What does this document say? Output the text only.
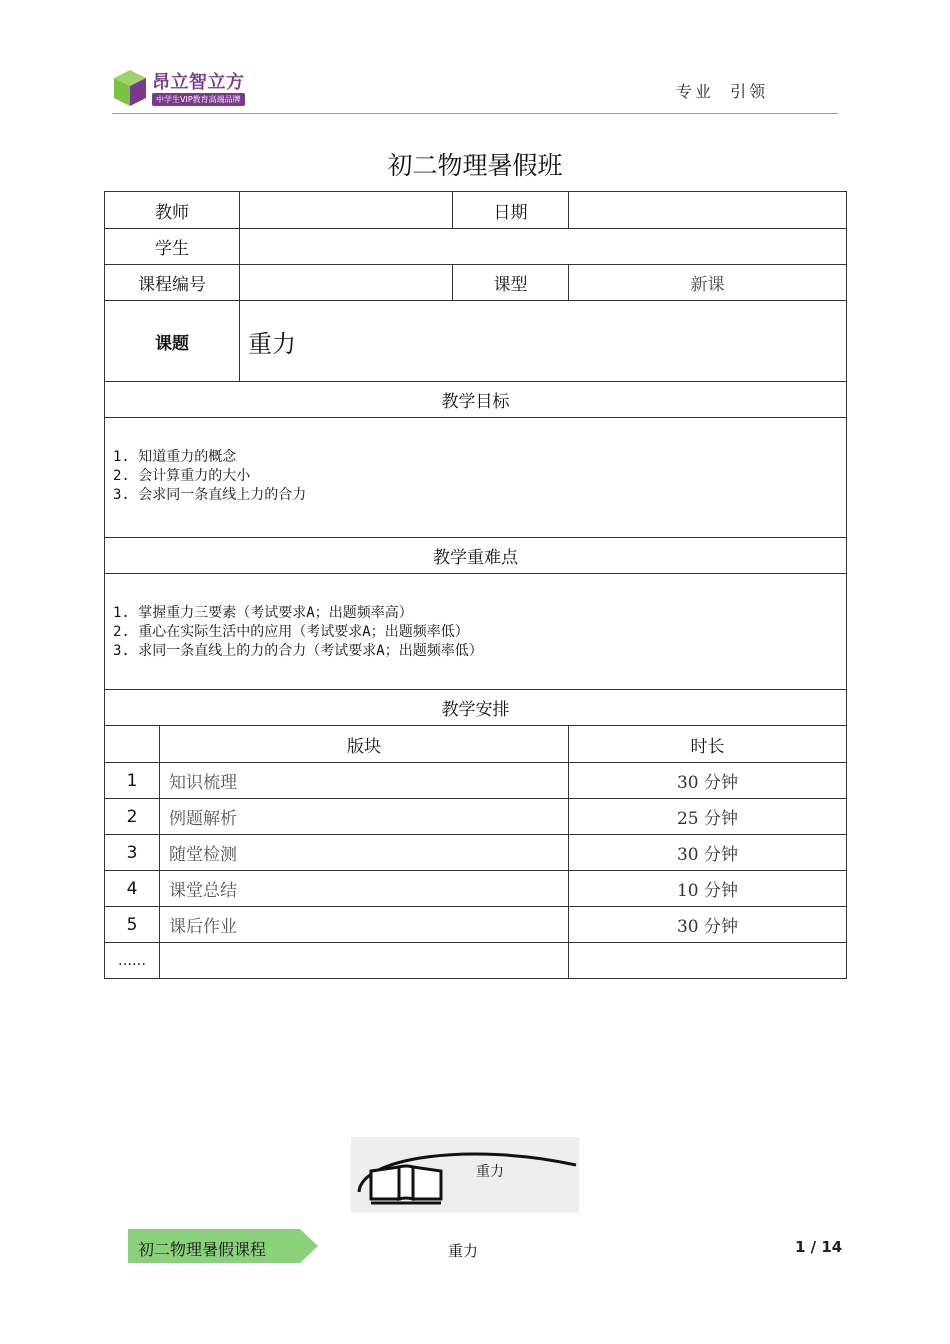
昂立智立方
中学生VIP教育高端品牌	专业  引领
初二物理暑假班
教师			日期	
学生				
课程编号			课型	新课
课题		重力		
教学目标				

1. 知道重力的概念
2. 会计算重力的大小
3. 会求同一条直线上力的合力				

教学重难点				

1. 掌握重力三要素（考试要求A；出题频率高）
2. 重心在实际生活中的应用（考试要求A；出题频率低）
3. 求同一条直线上的力的合力（考试要求A；出题频率低）				

教学安排				
	版块			时长
1	知识梳理			30 分钟
2	例题解析			25 分钟
3	随堂检测			30 分钟
4	课堂总结			10 分钟
5	课后作业			30 分钟
……				
重力
初二物理暑假课程	重力	1 / 14
